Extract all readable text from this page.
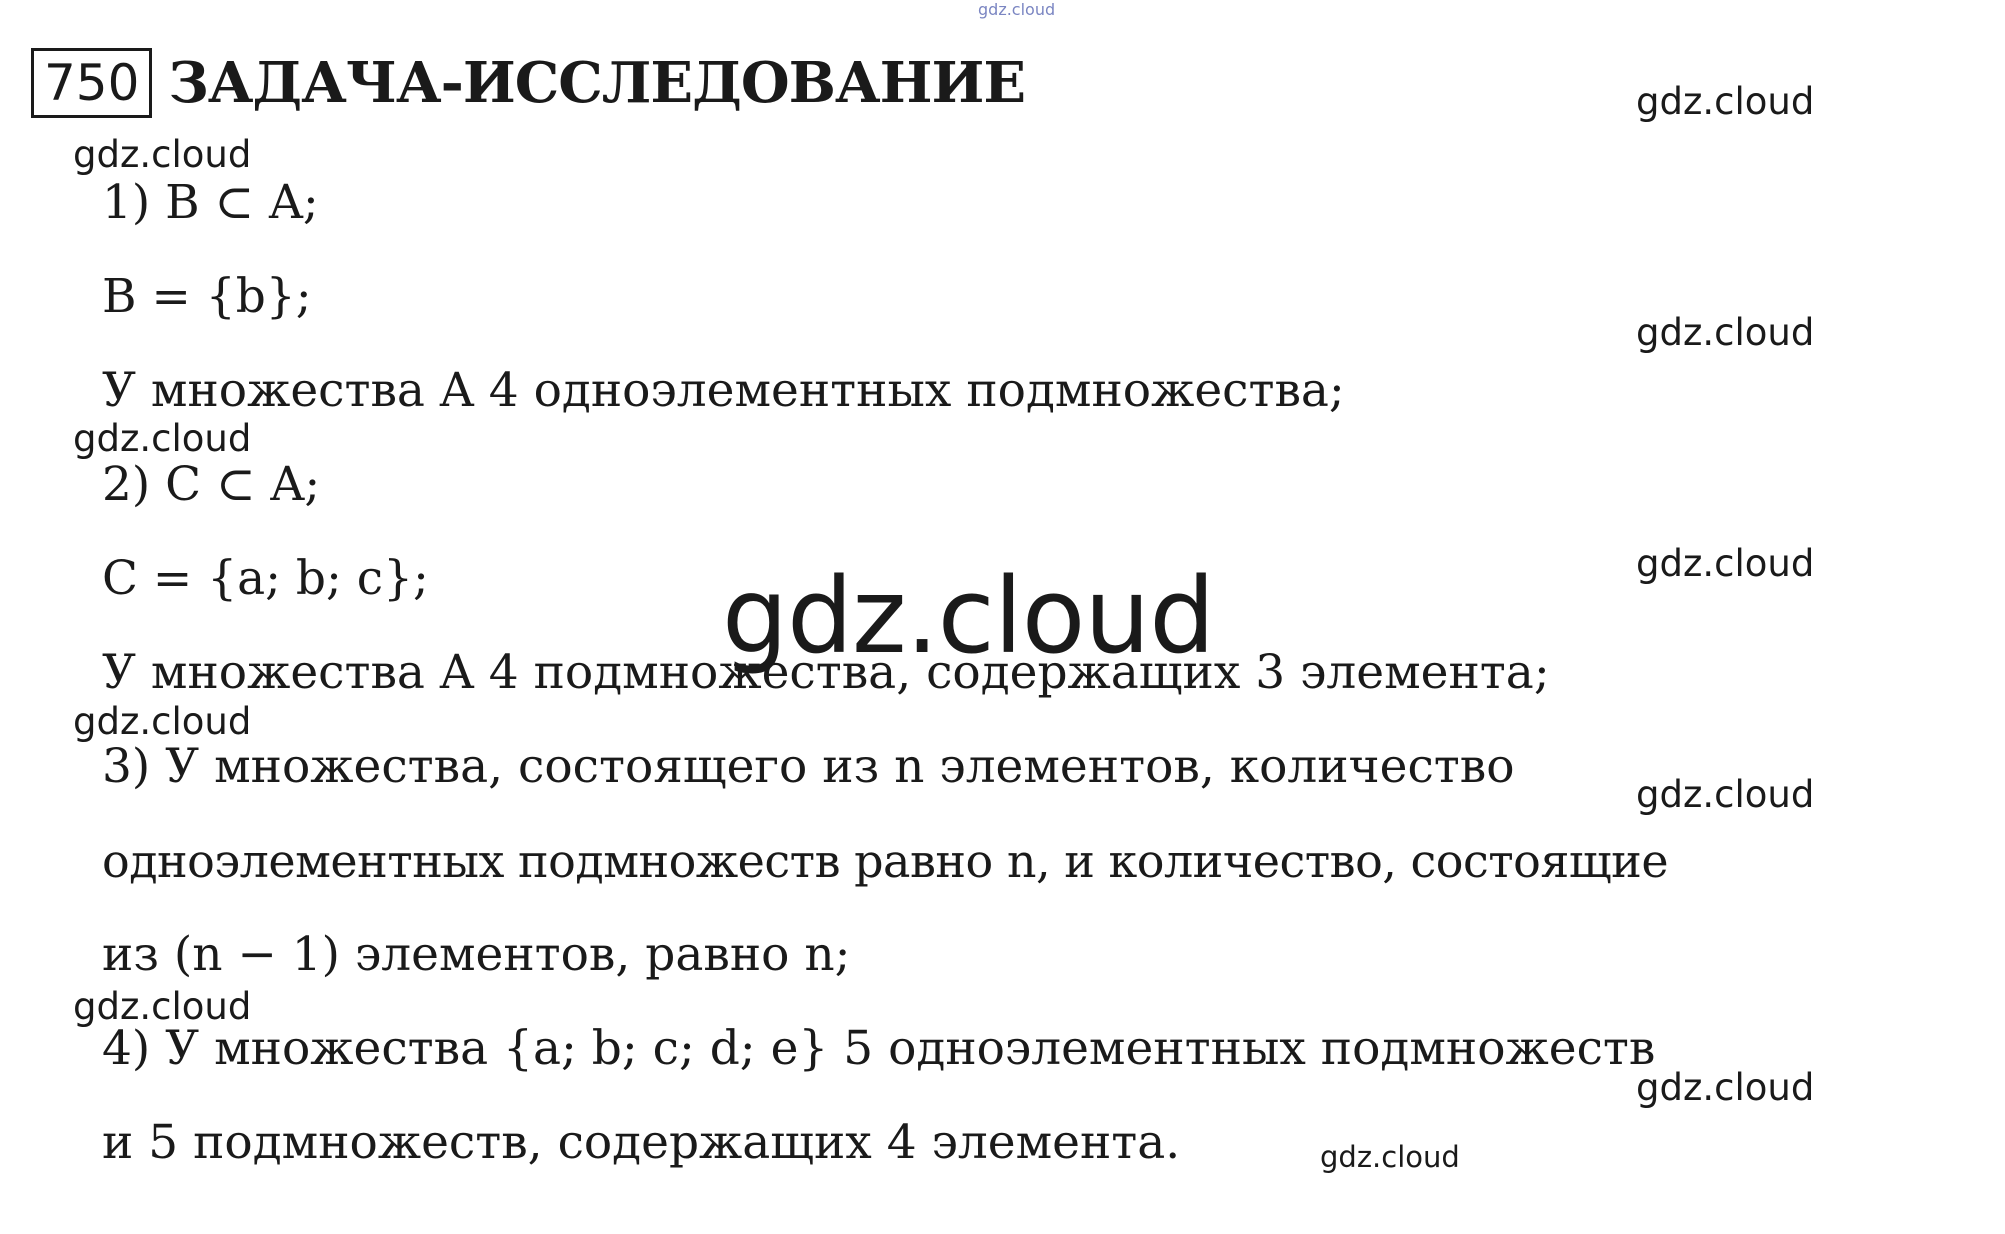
gdz.cloud
gdz.cloud
gdz.cloud
gdz.cloud
gdz.cloud
gdz.cloud
gdz.cloud
gdz.cloud
gdz.cloud
gdz.cloud
gdz.cloud
gdz.cloud
750 ЗАДАЧА-ИССЛЕДОВАНИЕ
1) B ⊂ A;
B = {b};
У множества A 4 одноэлементных подмножества;
2) C ⊂ A;
C = {a; b; c};
У множества A 4 подмножества, содержащих 3 элемента;
3) У множества, состоящего из n элементов, количество
одноэлементных подмножеств равно n, и количество, состоящие
из (n − 1) элементов, равно n;
4) У множества {a; b; c; d; e} 5 одноэлементных подмножеств
и 5 подмножеств, содержащих 4 элемента.
